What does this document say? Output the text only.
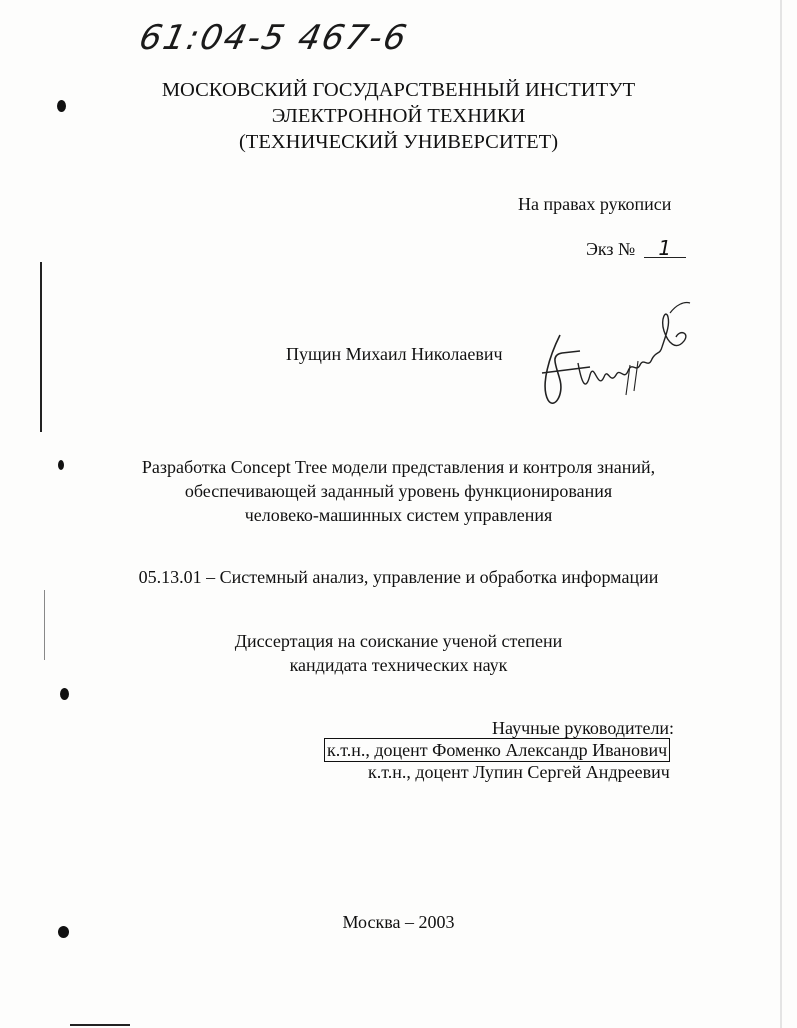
61:04-5 467-6
МОСКОВСКИЙ ГОСУДАРСТВЕННЫЙ ИНСТИТУТ
ЭЛЕКТРОННОЙ ТЕХНИКИ
(ТЕХНИЧЕСКИЙ УНИВЕРСИТЕТ)
На правах рукописи
Экз № 1
Пущин Михаил Николаевич
Разработка Concept Tree модели представления и контроля знаний,
обеспечивающей заданный уровень функционирования
человеко-машинных систем управления
05.13.01 – Системный анализ, управление и обработка информации
Диссертация на соискание ученой степени
кандидата технических наук
Научные руководители:
к.т.н., доцент Фоменко Александр Иванович
к.т.н., доцент Лупин Сергей Андреевич
Москва – 2003
